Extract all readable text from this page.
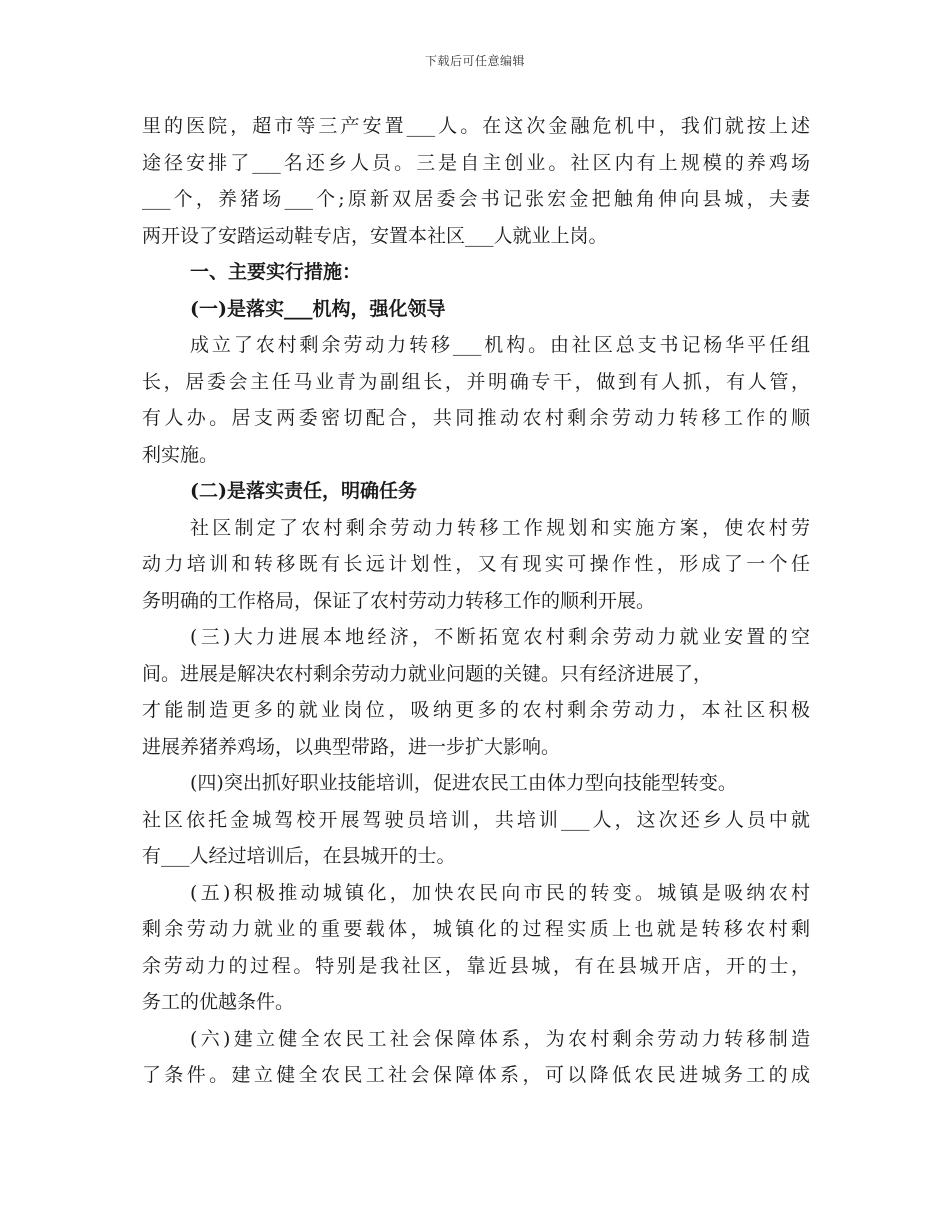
下载后可任意编辑
里的医院，超市等三产安置___人。在这次金融危机中，我们就按上述
途径安排了___名还乡人员。三是自主创业。社区内有上规模的养鸡场
___个，养猪场___个;原新双居委会书记张宏金把触角伸向县城，夫妻
两开设了安踏运动鞋专店，安置本社区___人就业上岗。
一、主要实行措施：
(一)是落实___机构，强化领导
成立了农村剩余劳动力转移___机构。由社区总支书记杨华平任组
长，居委会主任马业青为副组长，并明确专干，做到有人抓，有人管，
有人办。居支两委密切配合，共同推动农村剩余劳动力转移工作的顺
利实施。
(二)是落实责任，明确任务
社区制定了农村剩余劳动力转移工作规划和实施方案，使农村劳
动力培训和转移既有长远计划性，又有现实可操作性，形成了一个任
务明确的工作格局，保证了农村劳动力转移工作的顺利开展。
(三)大力进展本地经济，不断拓宽农村剩余劳动力就业安置的空
间。进展是解决农村剩余劳动力就业问题的关键。只有经济进展了，
才能制造更多的就业岗位，吸纳更多的农村剩余劳动力，本社区积极
进展养猪养鸡场，以典型带路，进一步扩大影响。
(四)突出抓好职业技能培训，促进农民工由体力型向技能型转变。
社区依托金城驾校开展驾驶员培训，共培训___人，这次还乡人员中就
有___人经过培训后，在县城开的士。
(五)积极推动城镇化，加快农民向市民的转变。城镇是吸纳农村
剩余劳动力就业的重要载体，城镇化的过程实质上也就是转移农村剩
余劳动力的过程。特别是我社区，靠近县城，有在县城开店，开的士，
务工的优越条件。
(六)建立健全农民工社会保障体系，为农村剩余劳动力转移制造
了条件。建立健全农民工社会保障体系，可以降低农民进城务工的成
